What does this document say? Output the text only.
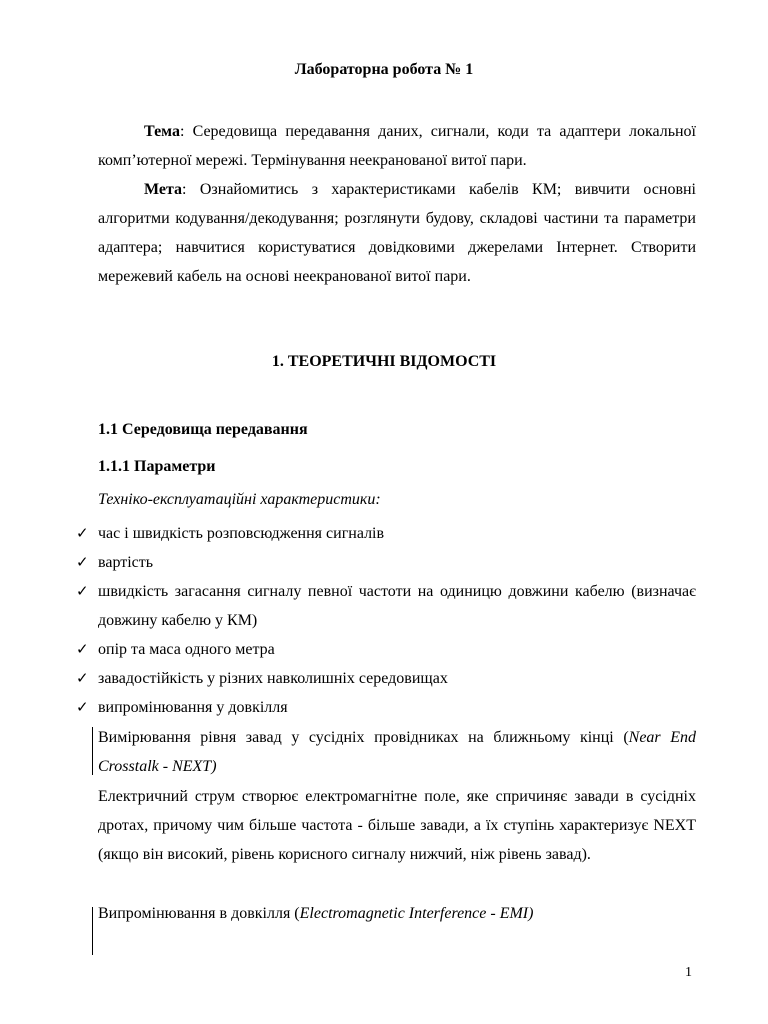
Лабораторна робота № 1
Тема: Середовища передавання даних, сигнали, коди та адаптери локальної комп’ютерної мережі. Термінування неекранованої витої пари.
Мета: Ознайомитись з характеристиками кабелів КМ; вивчити основні алгоритми кодування/декодування; розглянути будову, складові частини та параметри адаптера; навчитися користуватися довідковими джерелами Інтернет. Створити мережевий кабель на основі неекранованої витої пари.
1. ТЕОРЕТИЧНІ ВІДОМОСТІ
1.1 Середовища передавання
1.1.1 Параметри
Техніко-експлуатаційні характеристики:
✓ час і швидкість розповсюдження сигналів
✓ вартість
✓ швидкість загасання сигналу певної частоти на одиницю довжини кабелю (визначає довжину кабелю у КМ)
✓ опір та маса одного метра
✓ завадостійкість у різних навколишніх середовищах
✓ випромінювання у довкілля
Вимірювання рівня завад у сусідніх провідниках на ближньому кінці (Near End Crosstalk - NEXT)
Електричний струм створює електромагнітне поле, яке спричиняє завади в сусідніх дротах, причому чим більше частота - більше завади, а їх ступінь характеризує NEXT (якщо він високий, рівень корисного сигналу нижчий, ніж рівень завад).
Випромінювання в довкілля (Electromagnetic Interference - EMI)
1
